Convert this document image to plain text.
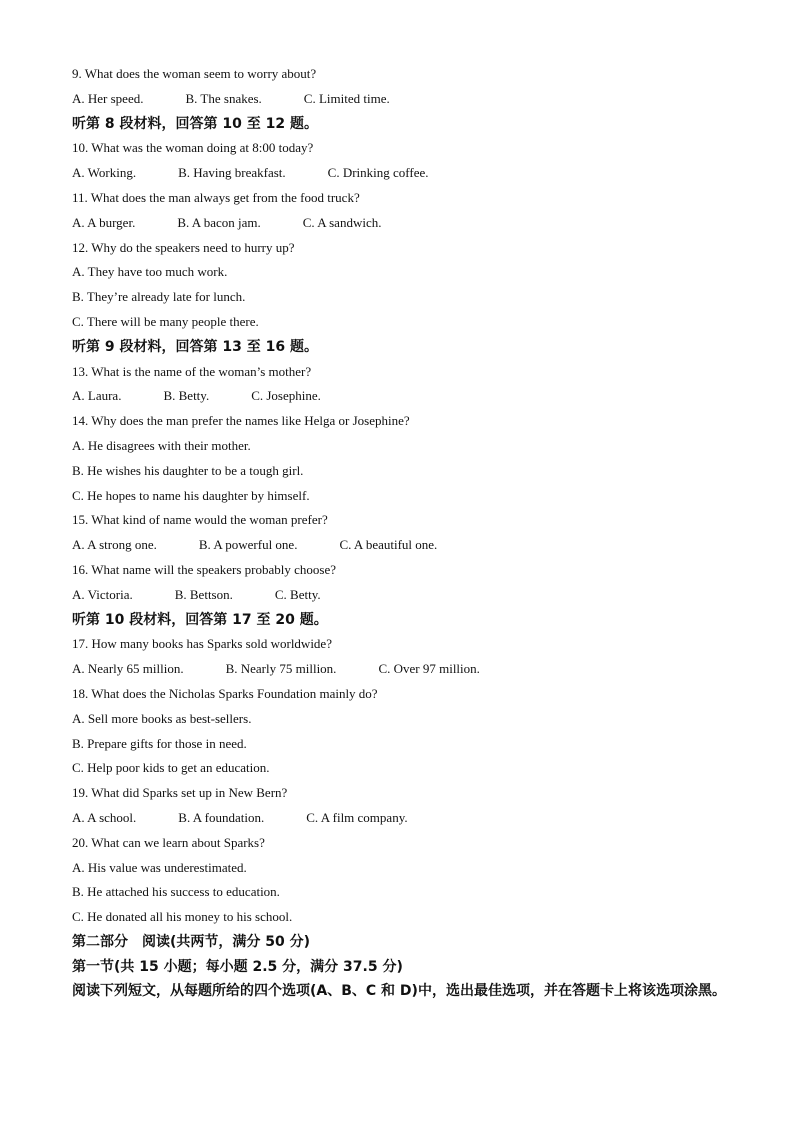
9. What does the woman seem to worry about?
A. Her speed.	B. The snakes.	C. Limited time.
听第 8 段材料，回答第 10 至 12 题。
10. What was the woman doing at 8:00 today?
A. Working.	B. Having breakfast.	C. Drinking coffee.
11. What does the man always get from the food truck?
A. A burger.	B. A bacon jam.	C. A sandwich.
12. Why do the speakers need to hurry up?
A. They have too much work.
B. They’re already late for lunch.
C. There will be many people there.
听第 9 段材料，回答第 13 至 16 题。
13. What is the name of the woman’s mother?
A. Laura.	B. Betty.	C. Josephine.
14. Why does the man prefer the names like Helga or Josephine?
A. He disagrees with their mother.
B. He wishes his daughter to be a tough girl.
C. He hopes to name his daughter by himself.
15. What kind of name would the woman prefer?
A. A strong one.	B. A powerful one.	C. A beautiful one.
16. What name will the speakers probably choose?
A. Victoria.	B. Bettson.	C. Betty.
听第 10 段材料，回答第 17 至 20 题。
17. How many books has Sparks sold worldwide?
A. Nearly 65 million.	B. Nearly 75 million.	C. Over 97 million.
18. What does the Nicholas Sparks Foundation mainly do?
A. Sell more books as best-sellers.
B. Prepare gifts for those in need.
C. Help poor kids to get an education.
19. What did Sparks set up in New Bern?
A. A school.	B. A foundation.	C. A film company.
20. What can we learn about Sparks?
A. His value was underestimated.
B. He attached his success to education.
C. He donated all his money to his school.
第二部分　阅读(共两节，满分 50 分)
第一节(共 15 小题；每小题 2.5 分，满分 37.5 分)
阅读下列短文，从每题所给的四个选项(A、B、C 和 D)中，选出最佳选项，并在答题卡上将该选项涂黑。
